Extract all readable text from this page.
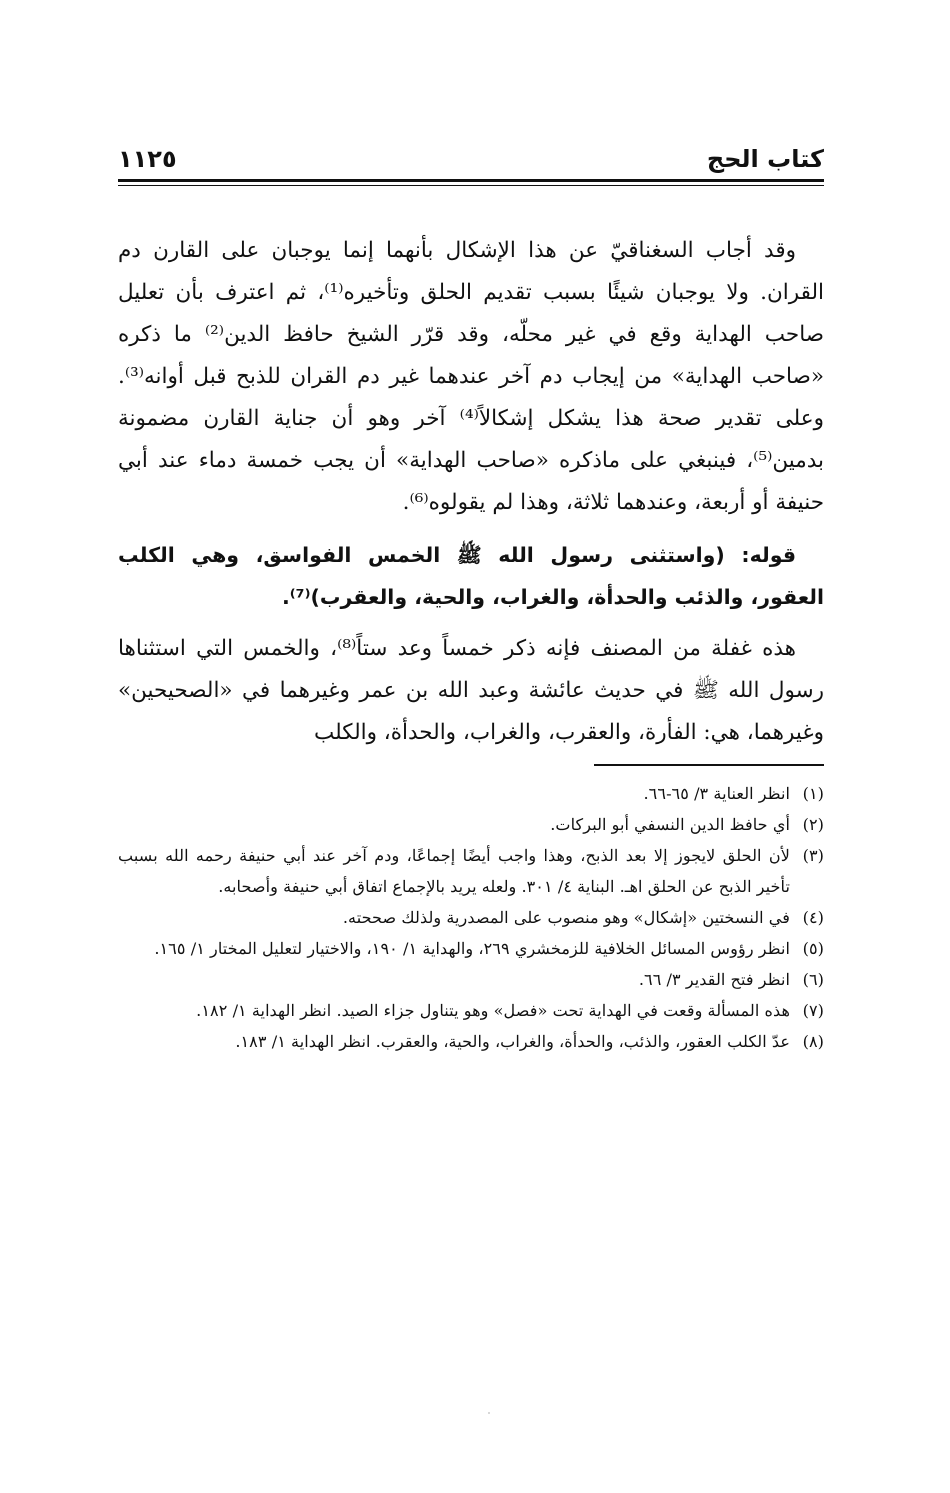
كتاب الحج
١١٢٥

وقد أجاب السغناقيّ عن هذا الإشكال بأنهما إنما يوجبان على القارن دم القران. ولا يوجبان شيئًا بسبب تقديم الحلق وتأخيره⁽¹⁾، ثم اعترف بأن تعليل صاحب الهداية وقع في غير محلّه، وقد قرّر الشيخ حافظ الدين⁽²⁾ ما ذكره «صاحب الهداية» من إيجاب دم آخر عندهما غير دم القران للذبح قبل أوانه⁽³⁾. وعلى تقدير صحة هذا يشكل إشكالاً⁽⁴⁾ آخر وهو أن جناية القارن مضمونة بدمين⁽⁵⁾، فينبغي على ماذكره «صاحب الهداية» أن يجب خمسة دماء عند أبي حنيفة أو أربعة، وعندهما ثلاثة، وهذا لم يقولوه⁽⁶⁾.

قوله: (واستثنى رسول الله ﷺ الخمس الفواسق، وهي الكلب العقور، والذئب والحدأة، والغراب، والحية، والعقرب)⁽⁷⁾.

هذه غفلة من المصنف فإنه ذكر خمساً وعد ستاً⁽⁸⁾، والخمس التي استثناها رسول الله ﷺ في حديث عائشة وعبد الله بن عمر وغيرهما في «الصحيحين» وغيرهما، هي: الفأرة، والعقرب، والغراب، والحدأة، والكلب

(١)
انظر العناية ٣/ ٦٥-٦٦.
(٢)
أي حافظ الدين النسفي أبو البركات.
(٣)
لأن الحلق لايجوز إلا بعد الذبح، وهذا واجب أيضًا إجماعًا، ودم آخر عند أبي حنيفة رحمه الله بسبب تأخير الذبح عن الحلق اهـ. البناية ٤/ ٣٠١. ولعله يريد بالإجماع اتفاق أبي حنيفة وأصحابه.
(٤)
في النسختين «إشكال» وهو منصوب على المصدرية ولذلك صححته.
(٥)
انظر رؤوس المسائل الخلافية للزمخشري ٢٦٩، والهداية ١/ ١٩٠، والاختيار لتعليل المختار ١/ ١٦٥.
(٦)
انظر فتح القدير ٣/ ٦٦.
(٧)
هذه المسألة وقعت في الهداية تحت «فصل» وهو يتناول جزاء الصيد. انظر الهداية ١/ ١٨٢.
(٨)
عدّ الكلب العقور، والذئب، والحدأة، والغراب، والحية، والعقرب. انظر الهداية ١/ ١٨٣.
